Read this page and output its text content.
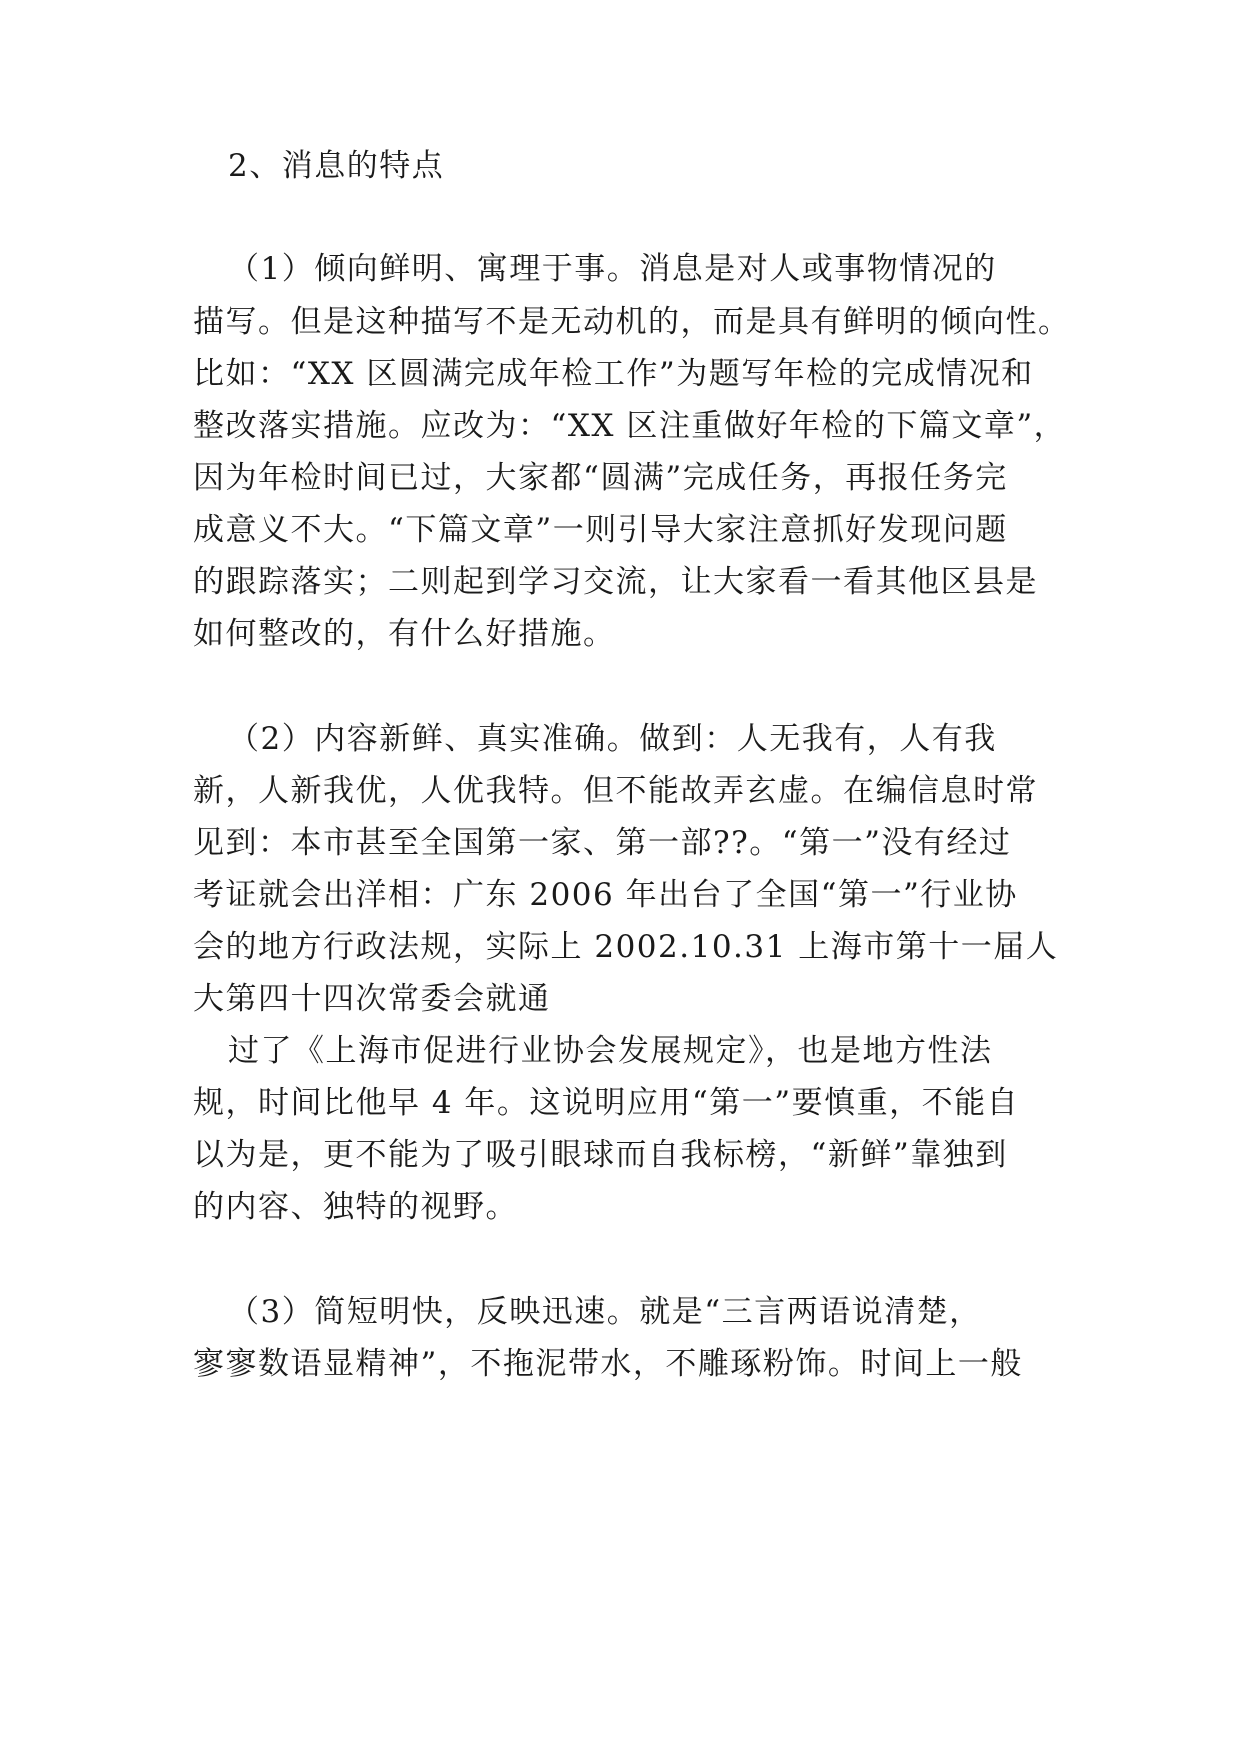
2、消息的特点
（1）倾向鲜明、寓理于事。消息是对人或事物情况的
描写。但是这种描写不是无动机的，而是具有鲜明的倾向性。
比如：“XX 区圆满完成年检工作”为题写年检的完成情况和
整改落实措施。应改为：“XX 区注重做好年检的下篇文章”，
因为年检时间已过，大家都“圆满”完成任务，再报任务完
成意义不大。“下篇文章”一则引导大家注意抓好发现问题
的跟踪落实；二则起到学习交流，让大家看一看其他区县是
如何整改的，有什么好措施。
（2）内容新鲜、真实准确。做到：人无我有，人有我
新，人新我优，人优我特。但不能故弄玄虚。在编信息时常
见到：本市甚至全国第一家、第一部??。“第一”没有经过
考证就会出洋相：广东 2006 年出台了全国“第一”行业协
会的地方行政法规，实际上 2002.10.31 上海市第十一届人
大第四十四次常委会就通
过了《上海市促进行业协会发展规定》，也是地方性法
规，时间比他早 4 年。这说明应用“第一”要慎重，不能自
以为是，更不能为了吸引眼球而自我标榜，“新鲜”靠独到
的内容、独特的视野。
（3）简短明快，反映迅速。就是“三言两语说清楚，
寥寥数语显精神”，不拖泥带水，不雕琢粉饰。时间上一般
